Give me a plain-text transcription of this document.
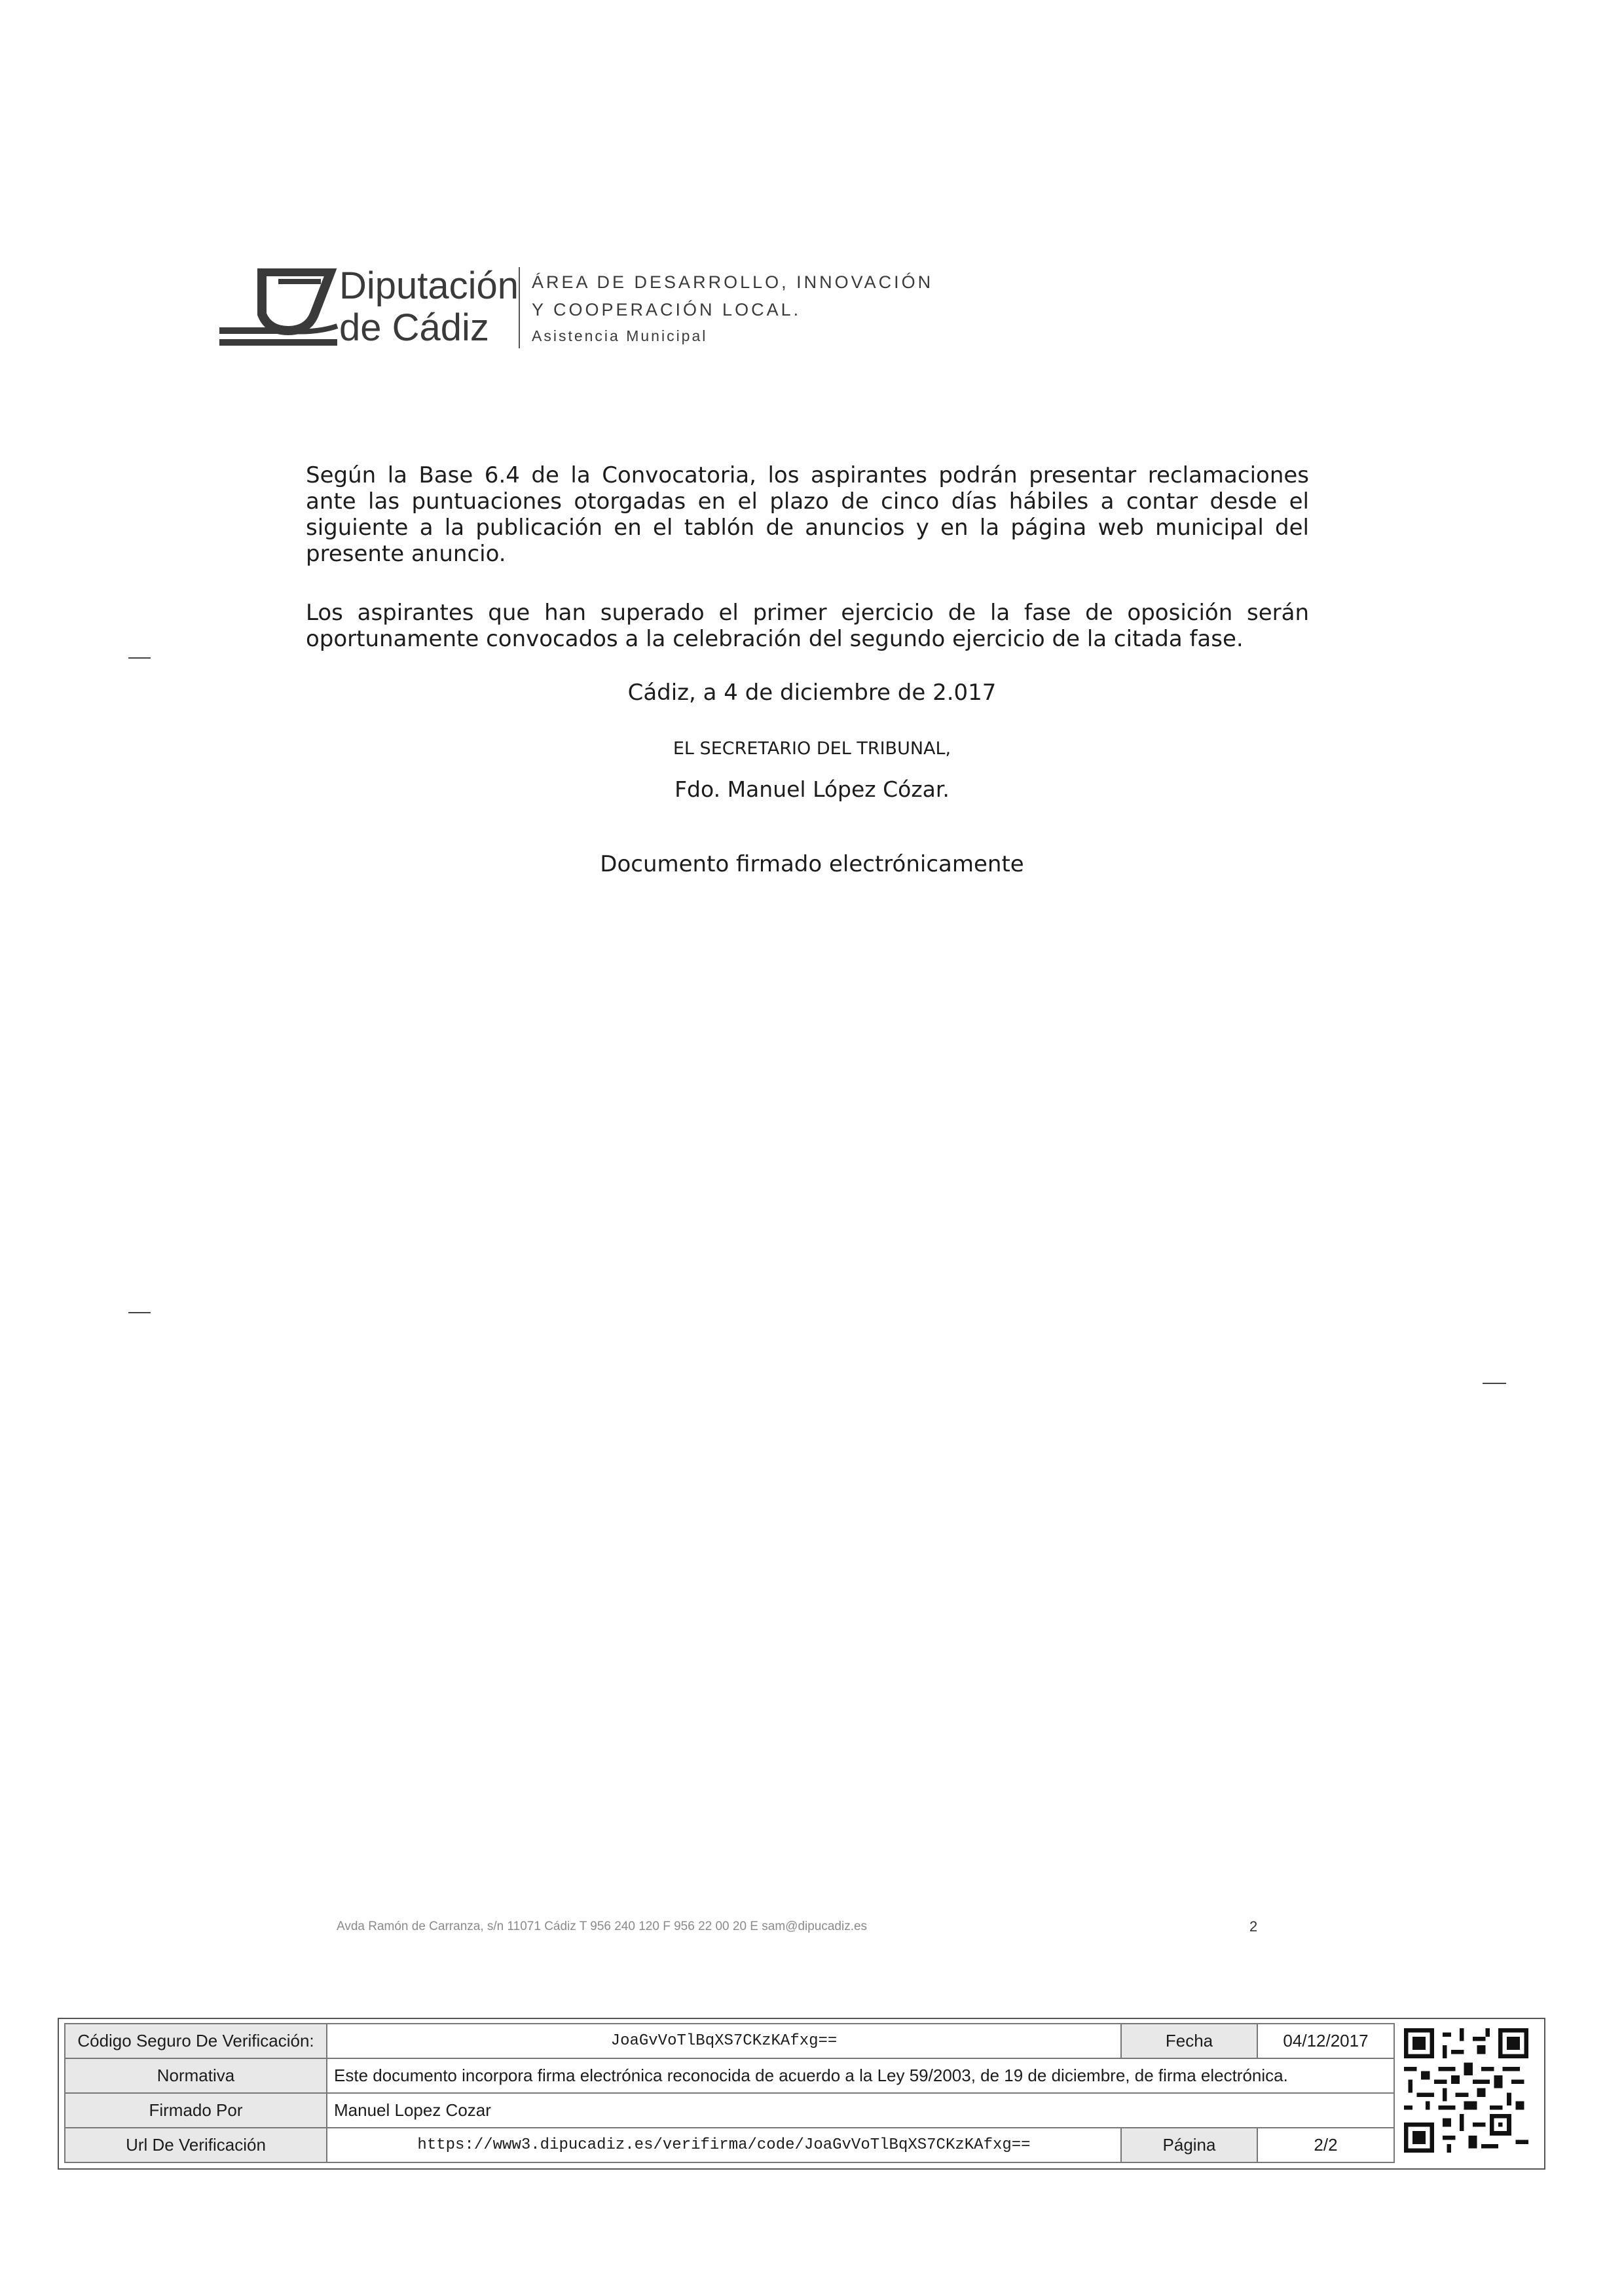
Diputación
de Cádiz
ÁREA DE DESARROLLO, INNOVACIÓN
Y COOPERACIÓN LOCAL.
Asistencia Municipal

Según la Base 6.4 de la Convocatoria, los aspirantes podrán presentar reclamaciones ante las puntuaciones otorgadas en el plazo de cinco días hábiles a contar desde el siguiente a la publicación en el tablón de anuncios y en la página web municipal del presente anuncio.

Los aspirantes que han superado el primer ejercicio de la fase de oposición serán oportunamente convocados a la celebración del segundo ejercicio de la citada fase.

Cádiz, a 4 de diciembre de 2.017
EL SECRETARIO DEL TRIBUNAL,
Fdo. Manuel López Cózar.
Documento firmado electrónicamente
Avda Ramón de Carranza, s/n 11071 Cádiz T 956 240 120 F 956 22 00 20 E sam@dipucadiz.es	2
Código Seguro De Verificación:	JoaGvVoTlBqXS7CKzKAfxg==	Fecha	04/12/2017
Normativa	Este documento incorpora firma electrónica reconocida de acuerdo a la Ley 59/2003, de 19 de diciembre, de firma electrónica.		
Firmado Por	Manuel Lopez Cozar		
Url De Verificación	https://www3.dipucadiz.es/verifirma/code/JoaGvVoTlBqXS7CKzKAfxg==	Página	2/2
